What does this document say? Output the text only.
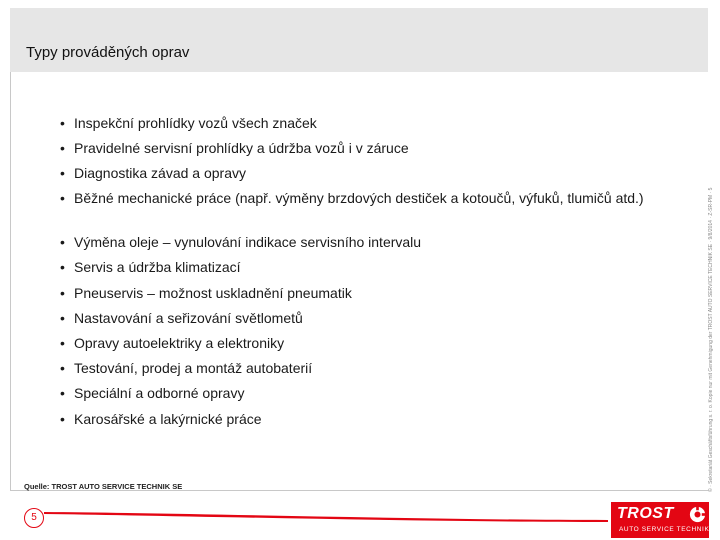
Typy prováděných oprav
• Inspekční prohlídky vozů všech značek
• Pravidelné servisní prohlídky a údržba vozů i v záruce
• Diagnostika závad a opravy
• Běžné mechanické práce (např. výměny brzdových destiček a kotoučů, výfuků, tlumičů atd.)
• Výměna oleje – vynulování indikace servisního intervalu
• Servis a údržba klimatizací
• Pneuservis – možnost uskladnění pneumatik
• Nastavování a seřizování světlometů
• Opravy autoelektriky a elektroniky
• Testování, prodej a montáž autobaterií
• Speciální a odborné opravy
• Karosářské a lakýrnické práce
Quelle: TROST AUTO SERVICE TECHNIK SE	© · Sekretariát Geschäftsführung s. r. o. Kopie nur mit Genehmigung der TROST AUTO SERVICE TECHNIK SE · 9/8/2014 · Z-SR-PM · 5
5	TROST
AUTO SERVICE TECHNIK
